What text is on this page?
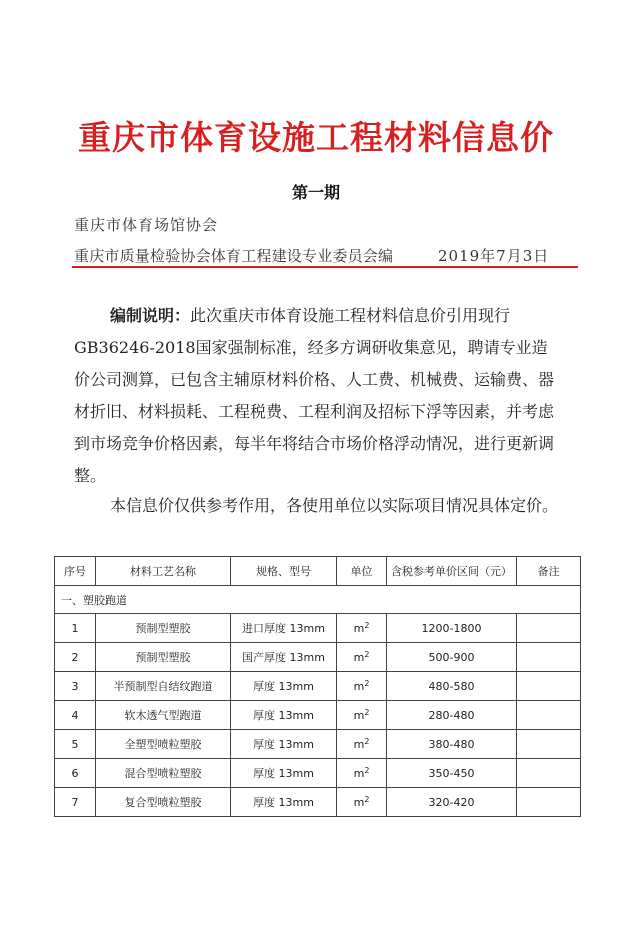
重庆市体育设施工程材料信息价
第一期
重庆市体育场馆协会
重庆市质量检验协会体育工程建设专业委员会编	2019年7月3日
编制说明：此次重庆市体育设施工程材料信息价引用现行GB36246-2018国家强制标准，经多方调研收集意见，聘请专业造价公司测算，已包含主辅原材料价格、人工费、机械费、运输费、器材折旧、材料损耗、工程税费、工程利润及招标下浮等因素，并考虑到市场竞争价格因素，每半年将结合市场价格浮动情况，进行更新调整。
本信息价仅供参考作用，各使用单位以实际项目情况具体定价。
序号	材料工艺名称	规格、型号	单位	含税参考单价区间（元）	备注
一、塑胶跑道					
1	预制型塑胶	进口厚度 13mm	$m^2$	1200-1800	
2	预制型塑胶	国产厚度 13mm	$m^2$	500-900	
3	半预制型自结纹跑道	厚度 13mm	$m^2$	480-580	
4	软木透气型跑道	厚度 13mm	$m^2$	280-480	
5	全塑型喷粒塑胶	厚度 13mm	$m^2$	380-480	
6	混合型喷粒塑胶	厚度 13mm	$m^2$	350-450	
7	复合型喷粒塑胶	厚度 13mm	$m^2$	320-420	
